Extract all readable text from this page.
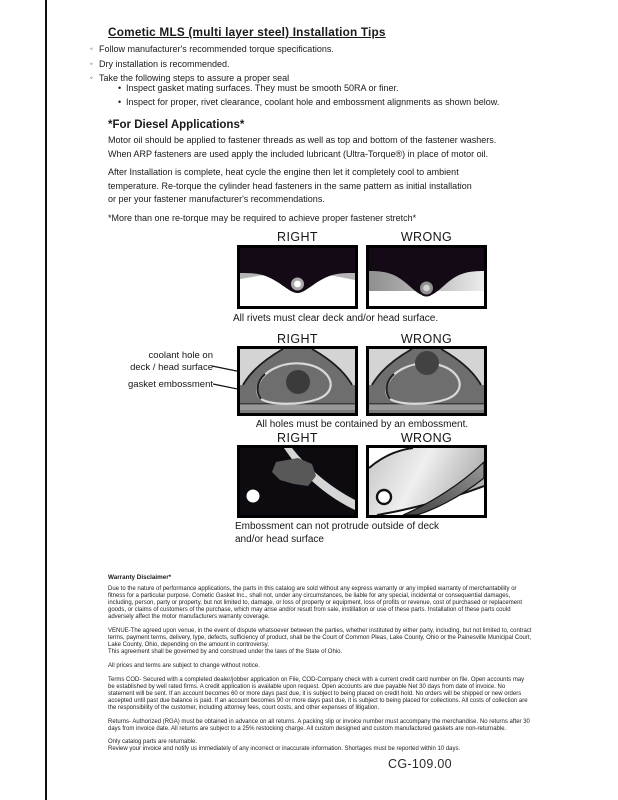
Cometic MLS (multi layer steel) Installation Tips
◦ Follow manufacturer's recommended torque specifications.
◦ Dry installation is recommended.
◦ Take the following steps to assure a proper seal
• Inspect gasket mating surfaces. They must be smooth 50RA or finer.
• Inspect for proper, rivet clearance, coolant hole and embossment alignments as shown below.
*For Diesel Applications*
Motor oil should be applied to fastener threads as well as top and bottom of the fastener washers.
When ARP fasteners are used apply the included lubricant (Ultra-Torque®) in place of motor oil.
After Installation is complete, heat cycle the engine then let it completely cool to ambient
temperature. Re-torque the cylinder head fasteners in the same pattern as initial installation
or per your fastener manufacturer's recommendations.
*More than one re-torque may be required to achieve proper fastener stretch*
RIGHT	WRONG
All rivets must clear deck and/or head surface.
RIGHT	WRONG
coolant hole on
deck / head surface
gasket embossment
All holes must be contained by an embossment.
RIGHT	WRONG
Embossment can not protrude outside of deck
and/or head surface
Warranty Disclaimer*

Due to the nature of performance applications, the parts in this catalog are sold without any express warranty or any implied warranty of merchantability or fitness for a particular purpose. Cometic Gasket Inc., shall not, under any circumstances, be liable for any special, incidental or consequential damages, including, person, party or property, but not limited to, damage, or loss of property or equipment, loss of profits or revenue, cost of purchased or replacement goods, or claims of customers of the purchase, which may arise and/or result from sale, instillation or use of these parts. Installation of these parts could adversely affect the motor manufacturers warranty coverage.

VENUE-The agreed upon venue, in the event of dispute whatsoever between the parties, whether instituted by either party, including, but not limited to, contract terms, payment terms, delivery, type, defects, sufficiency of product, shall be the Court of Common Pleas, Lake County, Ohio or the Painesville Municipal Court, Lake County, Ohio, depending on the amount in controversy.

This agreement shall be governed by and construed under the laws of the State of Ohio.

All prices and terms are subject to change without notice.

Terms COD- Secured with a completed dealer/jobber application on File, COD-Company check with a current credit card number on file. Open accounts may be established by well rated firms. A credit application is available upon request. Open accounts are due payable Net 30 days from date of invoice. No statement will be sent. If an account becomes 60 or more days past due, it is subject to being placed on credit hold. No orders will be shipped or new orders accepted until past due balance is paid. If an account becomes 90 or more days past due, it is subject to being placed for collections. All costs of collection are the responsibility of the customer, including attorney fees, court costs, and other expenses of litigation.

Returns- Authorized (RGA) must be obtained in advance on all returns. A packing slip or invoice number must accompany the merchandise. No returns after 30 days from invoice date. All returns are subject to a 25% restocking charge. All custom designed and custom manufactured gaskets are non-returnable.

Only catalog parts are returnable.

Review your invoice and notify us immediately of any incorrect or inaccurate information. Shortages must be reported within 10 days.

CG-109.00
